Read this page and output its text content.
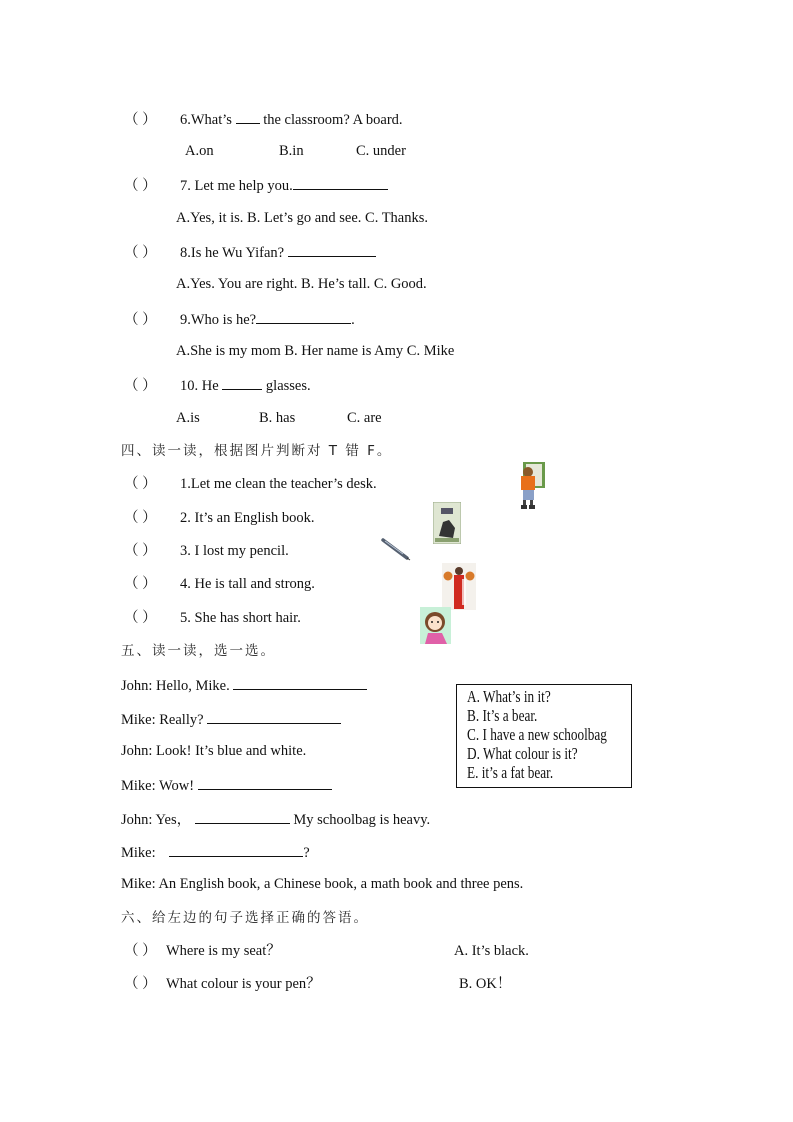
（ ） 6.What’s the classroom? A board.
A.on	B.in	C. under
（ ） 7. Let me help you.
A.Yes, it is. B. Let’s go and see. C. Thanks.
（ ） 8.Is he Wu Yifan?
A.Yes. You are right. B. He’s tall. C. Good.
（ ） 9.Who is he?	.
A.She is my mom B. Her name is Amy C. Mike
（ ） 10. He	glasses.
A.is	B. has	C. are
四、读一读，根据图片判断对 T 错 F。
（ ） 1.Let me clean the teacher’s desk.
（ ） 2. It’s an English book.
（ ） 3. I lost my pencil.
（ ） 4. He is tall and strong.
（ ） 5. She has short hair.
五、读一读，选一选。
John: Hello, Mike.
Mike: Really?
John: Look! It’s blue and white.
Mike: Wow!
John: Yes，	My schoolbag is heavy.
Mike:	?
Mike: An English book, a Chinese book, a math book and three pens.
A. What’s in it?
B. It’s a bear.
C. I have a new schoolbag
D. What colour is it?
E. it’s a fat bear.
六、给左边的句子选择正确的答语。
（ ） Where is my seat？	A. It’s black.
（ ） What colour is your pen？	B. OK！
